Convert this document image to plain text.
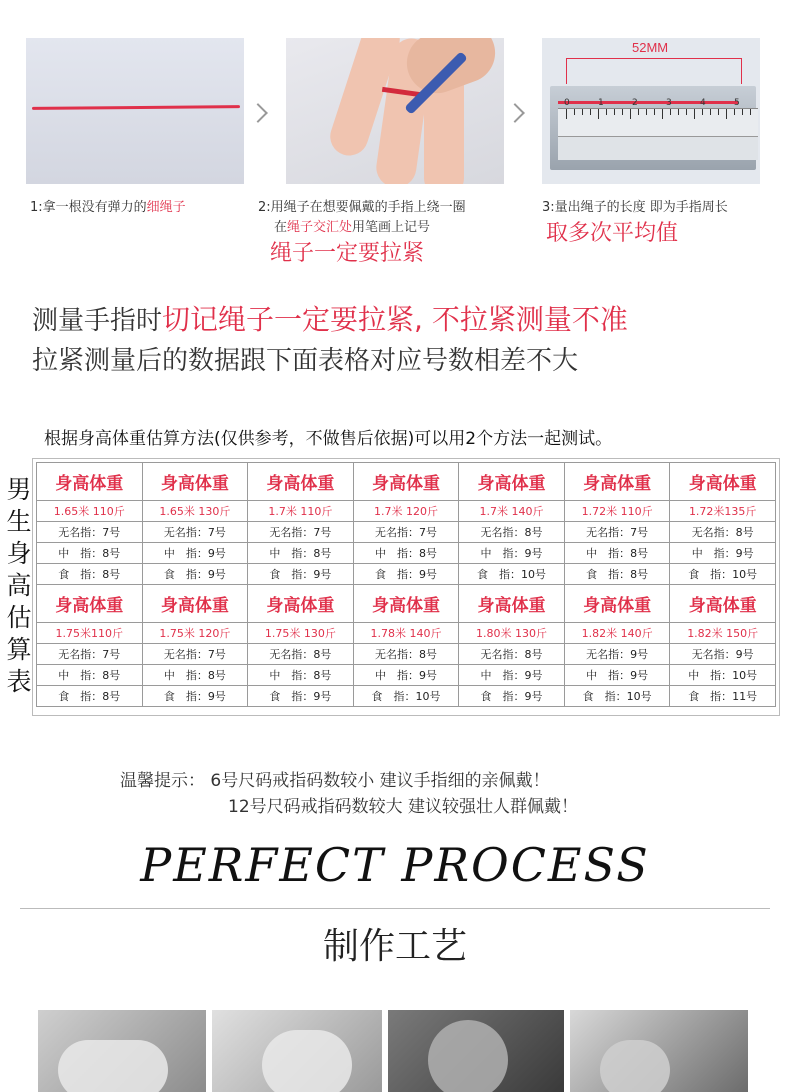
52MM
0	1	2	3	4	5
1:拿一根没有弹力的细绳子	2:用绳子在想要佩戴的手指上绕一圈
在绳子交汇处用笔画上记号
绳子一定要拉紧
3:量出绳子的长度 即为手指周长
取多次平均值
测量手指时切记绳子一定要拉紧, 不拉紧测量不准
拉紧测量后的数据跟下面表格对应号数相差不大
根据身高体重估算方法(仅供参考，不做售后依据)可以用2个方法一起测试。
男
生
身
高
估
算
表
身高体重	身高体重	身高体重	身高体重	身高体重	身高体重	身高体重
1.65米 110斤	1.65米 130斤	1.7米 110斤	1.7米 120斤	1.7米 140斤	1.72米 110斤	1.72米135斤
无名指：7号	无名指：7号	无名指：7号	无名指：7号	无名指：8号	无名指：7号	无名指：8号
中　指：8号	中　指：9号	中　指：8号	中　指：8号	中　指：9号	中　指：8号	中　指：9号
食　指：8号	食　指：9号	食　指：9号	食　指：9号	食　指：10号	食　指：8号	食　指：10号
身高体重	身高体重	身高体重	身高体重	身高体重	身高体重	身高体重
1.75米110斤	1.75米 120斤	1.75米 130斤	1.78米 140斤	1.80米 130斤	1.82米 140斤	1.82米 150斤
无名指：7号	无名指：7号	无名指：8号	无名指：8号	无名指：8号	无名指：9号	无名指：9号
中　指：8号	中　指：8号	中　指：8号	中　指：9号	中　指：9号	中　指：9号	中　指：10号
食　指：8号	食　指：9号	食　指：9号	食　指：10号	食　指：9号	食　指：10号	食　指：11号
温馨提示： 6号尺码戒指码数较小 建议手指细的亲佩戴！
12号尺码戒指码数较大 建议较强壮人群佩戴！
PERFECT PROCESS
制作工艺
